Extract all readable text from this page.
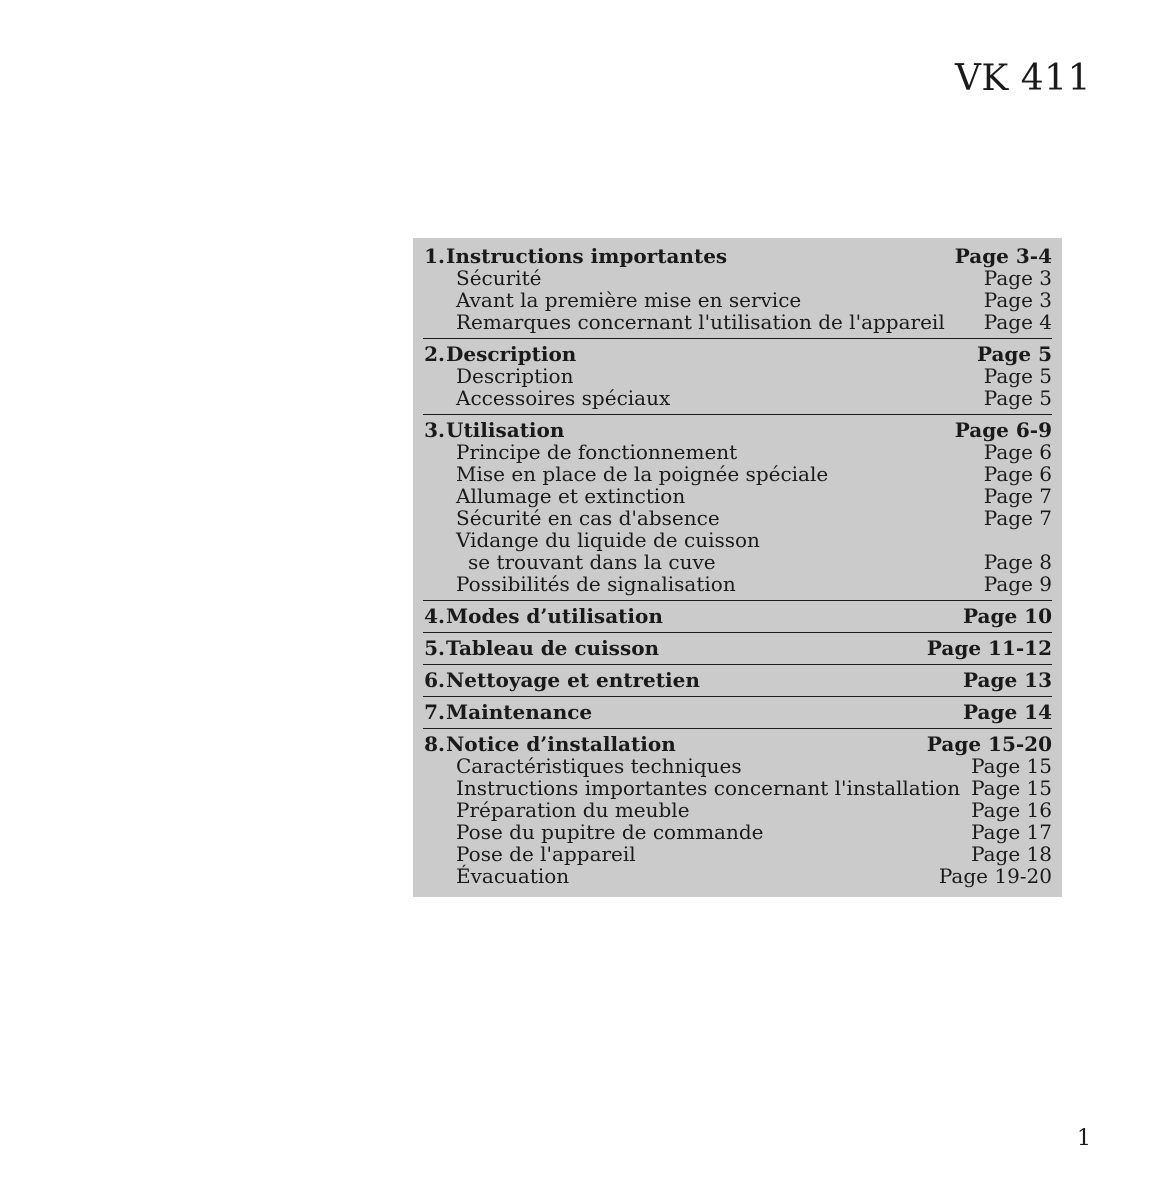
VK 411
1. Instructions importantes	Page 3-4
Sécurité	Page 3
Avant la première mise en service	Page 3
Remarques concernant l'utilisation de l'appareil Page 4
2. Description	Page 5
Description	Page 5
Accessoires spéciaux	Page 5
3. Utilisation	Page 6-9
Principe de fonctionnement	Page 6
Mise en place de la poignée spéciale	Page 6
Allumage et extinction	Page 7
Sécurité en cas d'absence	Page 7
Vidange du liquide de cuisson
se trouvant dans la cuve	Page 8
Possibilités de signalisation	Page 9
4. Modes d’utilisation	Page 10
5. Tableau de cuisson	Page 11-12
6. Nettoyage et entretien	Page 13
7. Maintenance	Page 14
8. Notice d’installation	Page 15-20
Caractéristiques techniques	Page 15
Instructions importantes concernant l'installation Page 15
Préparation du meuble	Page 16
Pose du pupitre de commande	Page 17
Pose de l'appareil	Page 18
Évacuation	Page 19-20
1
